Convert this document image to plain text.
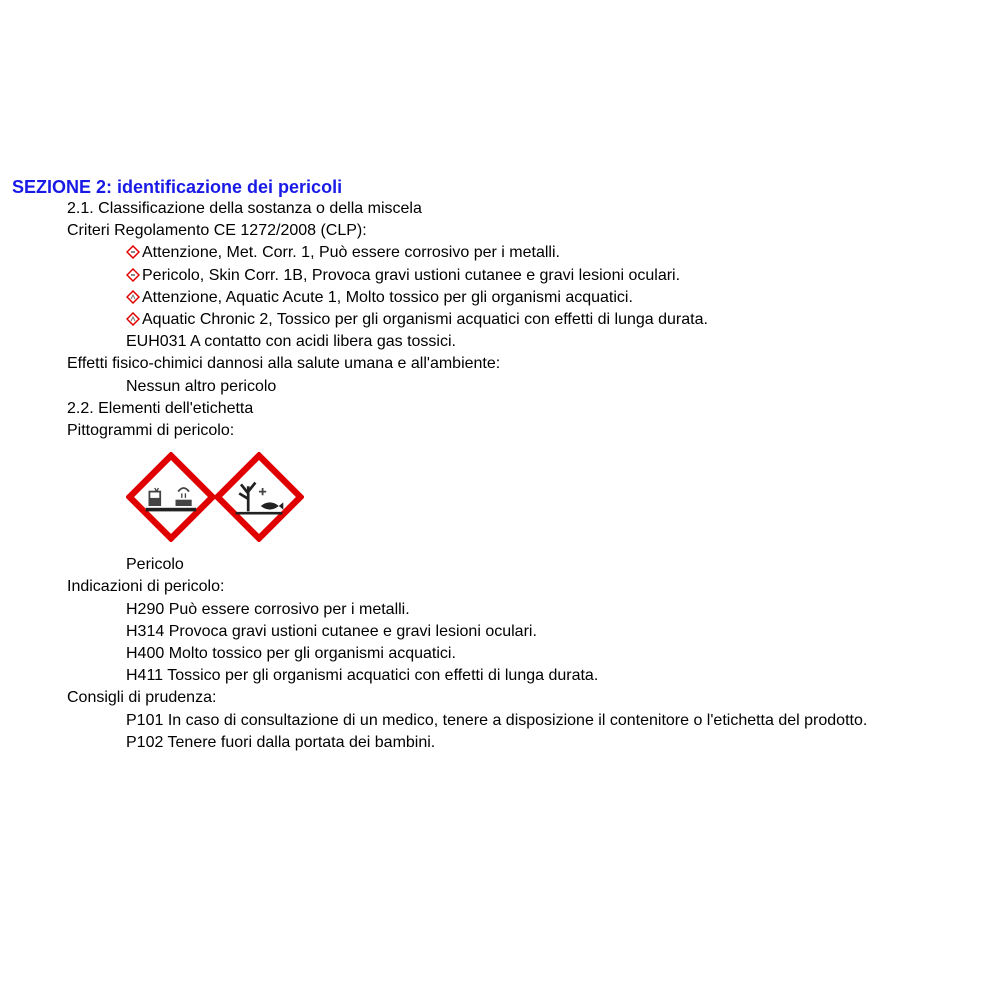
SEZIONE 2: identificazione dei pericoli
2.1. Classificazione della sostanza o della miscela
Criteri Regolamento CE 1272/2008 (CLP):
Attenzione, Met. Corr. 1, Può essere corrosivo per i metalli.
Pericolo, Skin Corr. 1B, Provoca gravi ustioni cutanee e gravi lesioni oculari.
Attenzione, Aquatic Acute 1, Molto tossico per gli organismi acquatici.
Aquatic Chronic 2, Tossico per gli organismi acquatici con effetti di lunga durata.
EUH031 A contatto con acidi libera gas tossici.
Effetti fisico-chimici dannosi alla salute umana e all'ambiente:
Nessun altro pericolo
2.2. Elementi dell'etichetta
Pittogrammi di pericolo:
Pericolo
Indicazioni di pericolo:
H290 Può essere corrosivo per i metalli.
H314 Provoca gravi ustioni cutanee e gravi lesioni oculari.
H400 Molto tossico per gli organismi acquatici.
H411 Tossico per gli organismi acquatici con effetti di lunga durata.
Consigli di prudenza:
P101 In caso di consultazione di un medico, tenere a disposizione il contenitore o l'etichetta del prodotto.
P102 Tenere fuori dalla portata dei bambini.
